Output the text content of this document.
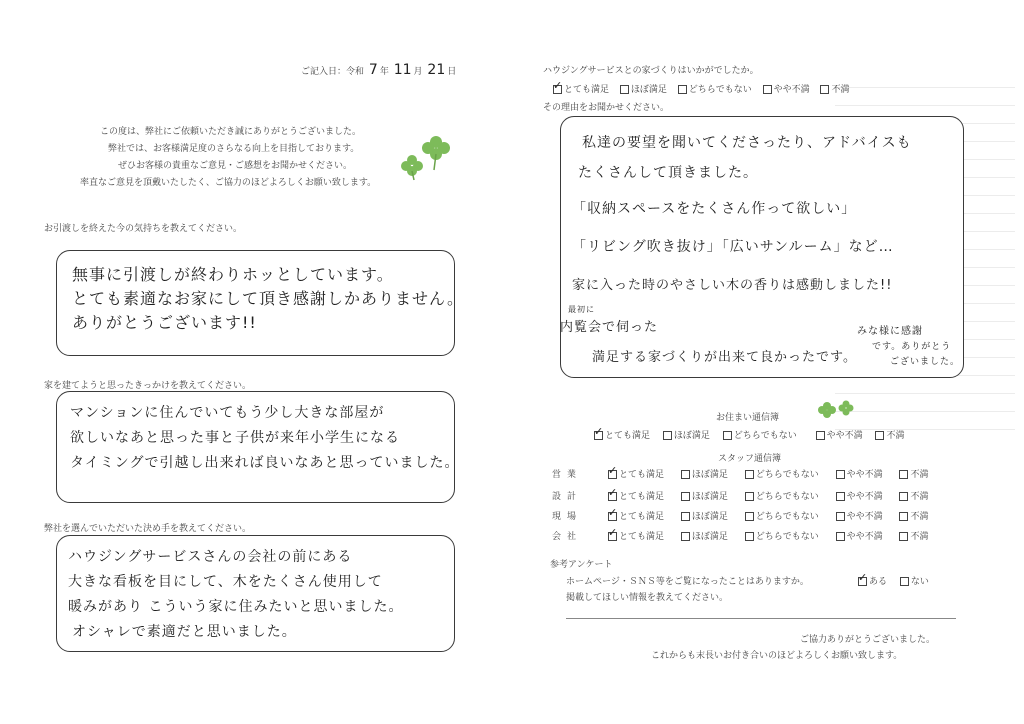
ご記入日：令和 7 年 11 月 21 日
この度は、弊社にご依頼いただき誠にありがとうございました。
弊社では、お客様満足度のさらなる向上を目指しております。
ぜひお客様の貴重なご意見・ご感想をお聞かせください。
率直なご意見を頂戴いたしたく、ご協力のほどよろしくお願い致します。
お引渡しを終えた今の気持ちを教えてください。
無事に引渡しが終わりホッとしています。
とても素適なお家にして頂き感謝しかありません。
ありがとうございます!!
家を建てようと思ったきっかけを教えてください。
マンションに住んでいてもう少し大きな部屋が
欲しいなあと思った事と子供が来年小学生になる
タイミングで引越し出来れば良いなあと思っていました。
弊社を選んでいただいた決め手を教えてください。
ハウジングサービスさんの会社の前にある
大きな看板を目にして、木をたくさん使用して
暖みがあり こういう家に住みたいと思いました。
オシャレで素適だと思いました。
ハウジングサービスとの家づくりはいかがでしたか。
✓とても満足 ほぼ満足 どちらでもない やや不満 不満
その理由をお聞かせください。
私達の要望を聞いてくださったり、アドバイスも
たくさんして頂きました。
「収納スペースをたくさん作って欲しい」
「リビング吹き抜け」「広いサンルーム」など…
家に入った時のやさしい木の香りは感動しました!!
最初に
内覧会で伺った
満足する家づくりが出来て良かったです。
みな様に感謝
です。ありがとう
ございました。
お住まい通信簿
✓とても満足	ほぼ満足	どちらでもない	やや不満	不満
スタッフ通信簿
営業 ✓	とても満足	ほぼ満足	どちらでもない	やや不満	不満
設計 ✓	とても満足	ほぼ満足	どちらでもない	やや不満	不満
現場 ✓	とても満足	ほぼ満足	どちらでもない	やや不満	不満
会社 ✓	とても満足	ほぼ満足	どちらでもない	やや不満	不満
参考アンケート
ホームページ・ＳＮＳ等をご覧になったことはありますか。 ✓	ある	ない
掲載してほしい情報を教えてください。
ご協力ありがとうございました。
これからも末長いお付き合いのほどよろしくお願い致します。
